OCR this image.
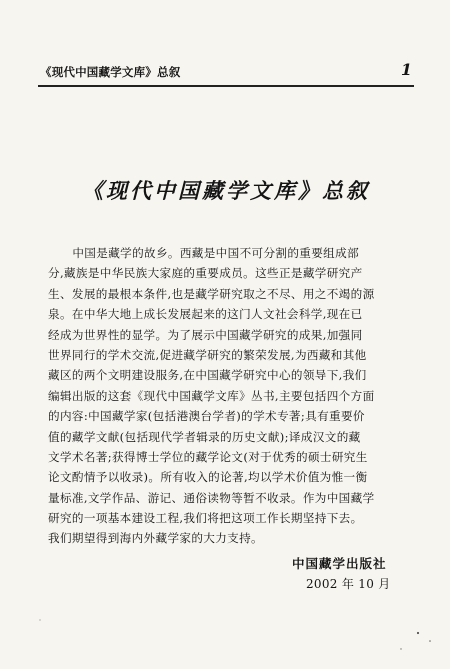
《现代中国藏学文库》总叙	1
《现代中国藏学文库》总叙
中国是藏学的故乡。西藏是中国不可分割的重要组成部
分,藏族是中华民族大家庭的重要成员。这些正是藏学研究产
生、发展的最根本条件,也是藏学研究取之不尽、用之不竭的源
泉。在中华大地上成长发展起来的这门人文社会科学,现在已
经成为世界性的显学。为了展示中国藏学研究的成果,加强同
世界同行的学术交流,促进藏学研究的繁荣发展,为西藏和其他
藏区的两个文明建设服务,在中国藏学研究中心的领导下,我们
编辑出版的这套《现代中国藏学文库》丛书,主要包括四个方面
的内容:中国藏学家(包括港澳台学者)的学术专著;具有重要价
值的藏学文献(包括现代学者辑录的历史文献);译成汉文的藏
文学术名著;获得博士学位的藏学论文(对于优秀的硕士研究生
论文酌情予以收录)。所有收入的论著,均以学术价值为惟一衡
量标准,文学作品、游记、通俗读物等暂不收录。作为中国藏学
研究的一项基本建设工程,我们将把这项工作长期坚持下去。
我们期望得到海内外藏学家的大力支持。
中国藏学出版社
2002 年 10 月
